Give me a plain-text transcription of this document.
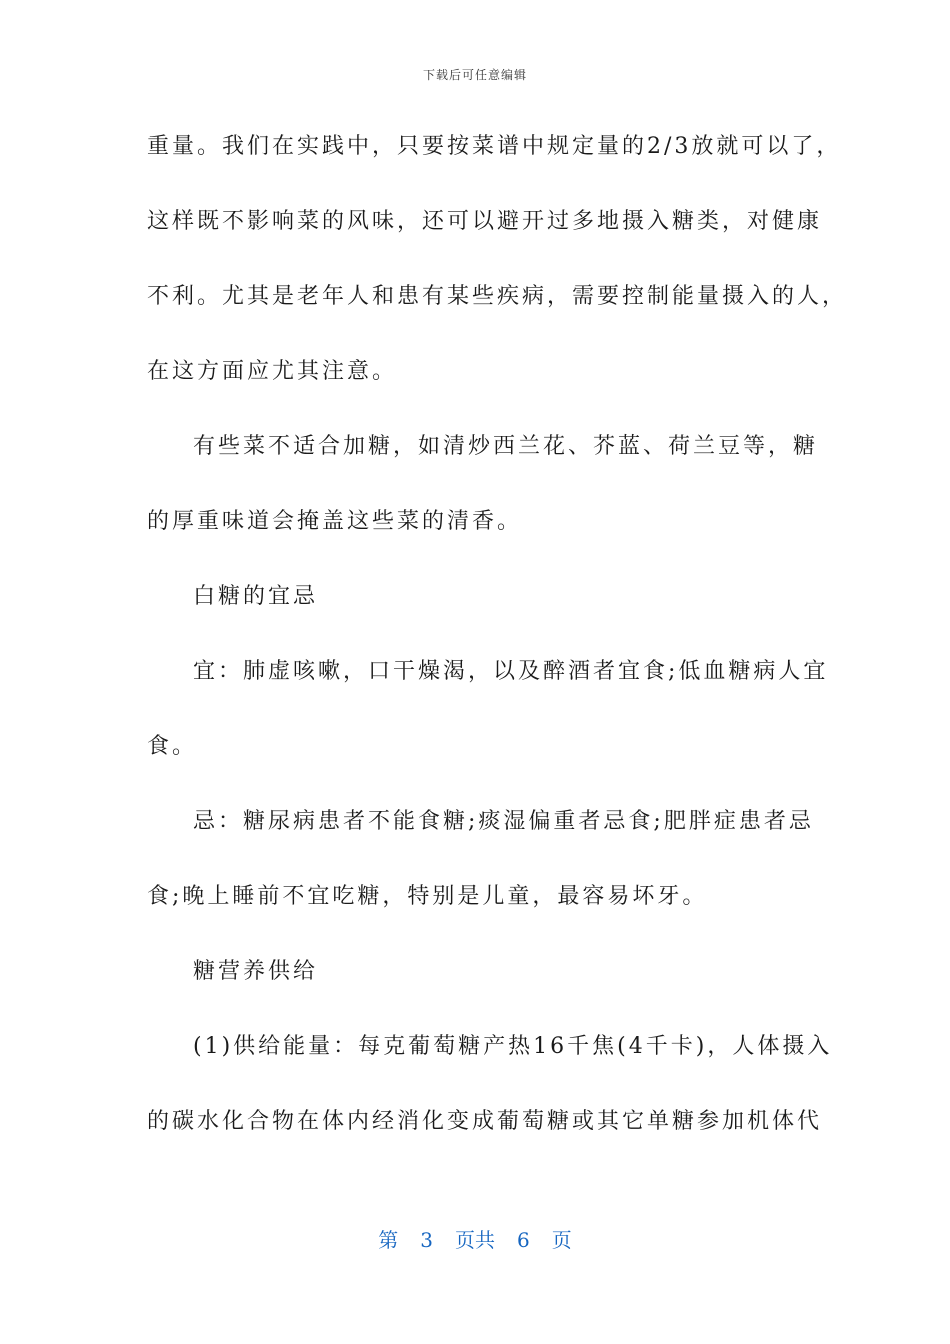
下载后可任意编辑
重量。我们在实践中，只要按菜谱中规定量的2/3放就可以了，
这样既不影响菜的风味，还可以避开过多地摄入糖类，对健康
不利。尤其是老年人和患有某些疾病，需要控制能量摄入的人，
在这方面应尤其注意。
有些菜不适合加糖，如清炒西兰花、芥蓝、荷兰豆等，糖
的厚重味道会掩盖这些菜的清香。
白糖的宜忌
宜：肺虚咳嗽，口干燥渴，以及醉酒者宜食;低血糖病人宜
食。
忌：糖尿病患者不能食糖;痰湿偏重者忌食;肥胖症患者忌
食;晚上睡前不宜吃糖，特别是儿童，最容易坏牙。
糖营养供给
(1)供给能量：每克葡萄糖产热16千焦(4千卡)，人体摄入
的碳水化合物在体内经消化变成葡萄糖或其它单糖参加机体代
第 3 页共 6 页
